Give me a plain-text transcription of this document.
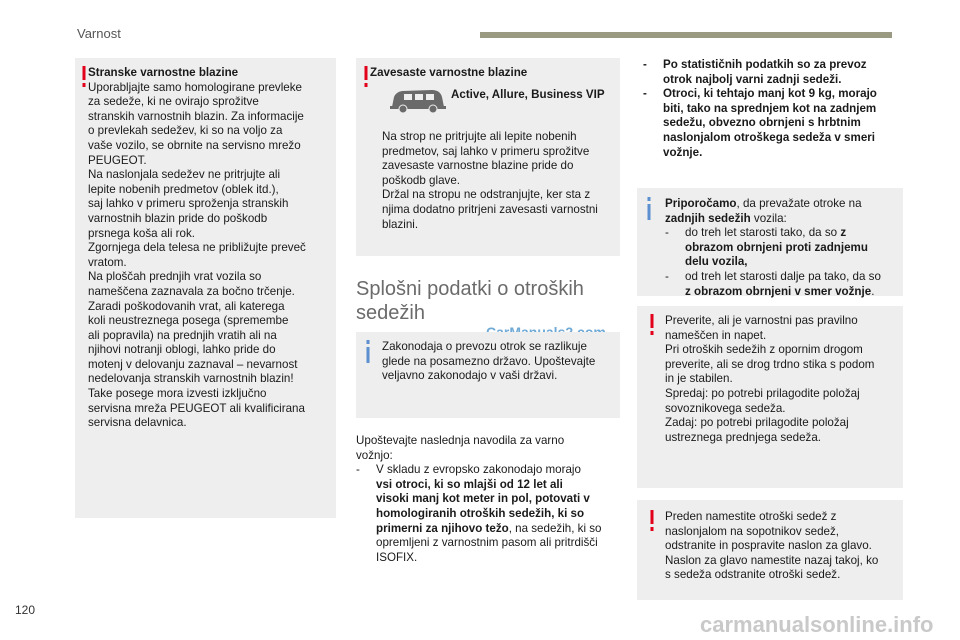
Varnost

Stranske varnostne blazine

Uporabljajte samo homologirane prevleke

za sedeže, ki ne ovirajo sprožitve

stranskih varnostnih blazin. Za informacije

o prevlekah sedežev, ki so na voljo za

vaše vozilo, se obrnite na servisno mrežo

PEUGEOT.

Na naslonjala sedežev ne pritrjujte ali

lepite nobenih predmetov (oblek itd.),

saj lahko v primeru sproženja stranskih

varnostnih blazin pride do poškodb

prsnega koša ali rok.

Zgornjega dela telesa ne približujte preveč

vratom.

Na ploščah prednjih vrat vozila so

nameščena zaznavala za bočno trčenje.

Zaradi poškodovanih vrat, ali katerega

koli neustreznega posega (spremembe

ali popravila) na prednjih vratih ali na

njihovi notranji oblogi, lahko pride do

motenj v delovanju zaznaval – nevarnost

nedelovanja stranskih varnostnih blazin!

Take posege mora izvesti izključno

servisna mreža PEUGEOT ali kvalificirana

servisna delavnica.

Zavesaste varnostne blazine
Active, Allure, Business VIP

Na strop ne pritrjujte ali lepite nobenih

predmetov, saj lahko v primeru sprožitve

zavesaste varnostne blazine pride do

poškodb glave.

Držal na stropu ne odstranjujte, ker sta z

njima dodatno pritrjeni zavesasti varnostni

blazini.

Splošni podatki o otroških
sedežih

Zakonodaja o prevozu otrok se razlikuje

glede na posamezno državo. Upoštevajte

veljavno zakonodajo v vaši državi.

Upoštevajte naslednja navodila za varno

vožnjo:

- V skladu z evropsko zakonodajo morajo

vsi otroci, ki so mlajši od 12 let ali

visoki manj kot meter in pol, potovati v

homologiranih otroških sedežih, ki so

primerni za njihovo težo, na sedežih, ki so

opremljeni z varnostnim pasom ali pritrdišči

ISOFIX.

- Po statističnih podatkih so za prevoz

otrok najbolj varni zadnji sedeži.

- Otroci, ki tehtajo manj kot 9 kg, morajo

biti, tako na sprednjem kot na zadnjem

sedežu, obvezno obrnjeni s hrbtnim

naslonjalom otroškega sedeža v smeri

vožnje.

Priporočamo, da prevažate otroke na

zadnjih sedežih vozila:

- do treh let starosti tako, da so z

obrazom obrnjeni proti zadnjemu

delu vozila,

- od treh let starosti dalje pa tako, da so

z obrazom obrnjeni v smer vožnje.

Preverite, ali je varnostni pas pravilno

nameščen in napet.

Pri otroških sedežih z opornim drogom

preverite, ali se drog trdno stika s podom

in je stabilen.

Spredaj: po potrebi prilagodite položaj

sovoznikovega sedeža.

Zadaj: po potrebi prilagodite položaj

ustreznega prednjega sedeža.

Preden namestite otroški sedež z

naslonjalom na sopotnikov sedež,

odstranite in pospravite naslon za glavo.

Naslon za glavo namestite nazaj takoj, ko

s sedeža odstranite otroški sedež.

120
carmanualsonline.info
